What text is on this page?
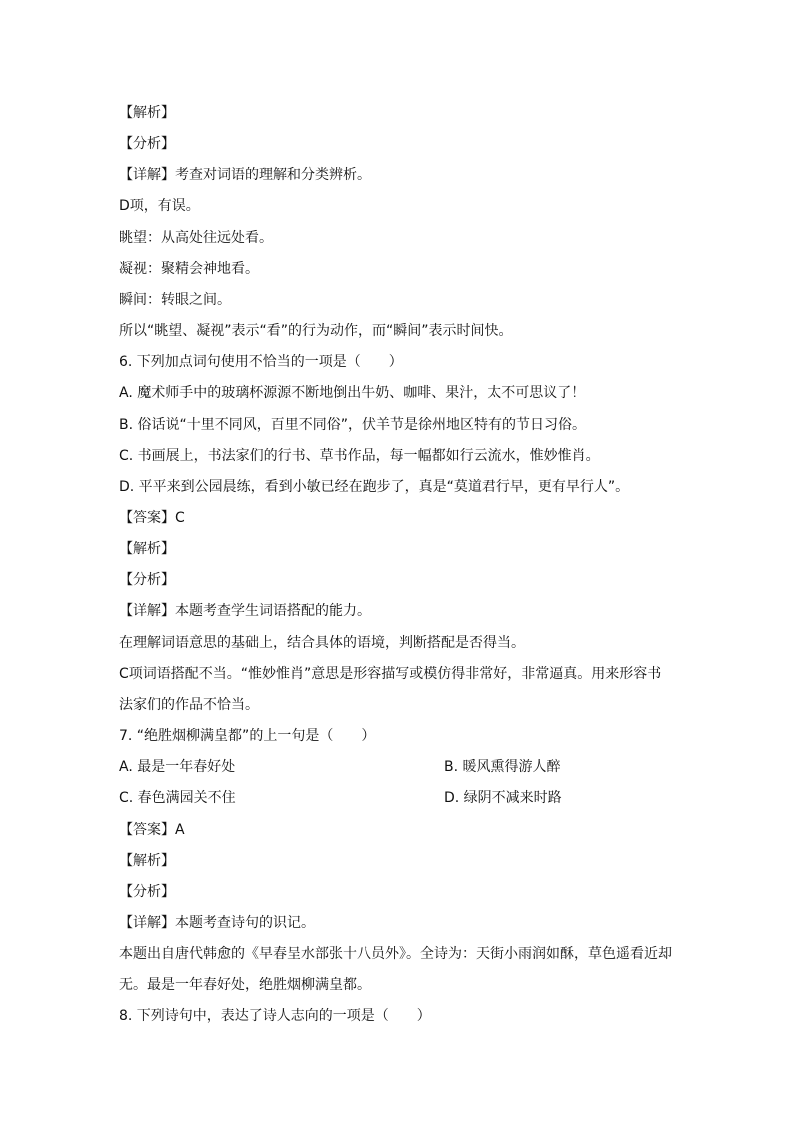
【解析】
【分析】
【详解】考查对词语的理解和分类辨析。
D项，有误。
眺望：从高处往远处看。
凝视：聚精会神地看。
瞬间：转眼之间。
所以“眺望、凝视”表示“看”的行为动作，而“瞬间”表示时间快。
6. 下列加点词句使用不恰当的一项是（　　）
A. 魔术师手中的玻璃杯源源不断地倒出牛奶、咖啡、果汁，太不可思议了！
B. 俗话说“十里不同风，百里不同俗”，伏羊节是徐州地区特有的节日习俗。
C. 书画展上，书法家们的行书、草书作品，每一幅都如行云流水，惟妙惟肖。
D. 平平来到公园晨练，看到小敏已经在跑步了，真是“莫道君行早，更有早行人”。
【答案】C
【解析】
【分析】
【详解】本题考查学生词语搭配的能力。
在理解词语意思的基础上，结合具体的语境，判断搭配是否得当。
C项词语搭配不当。“惟妙惟肖”意思是形容描写或模仿得非常好，非常逼真。用来形容书
法家们的作品不恰当。
7. “绝胜烟柳满皇都”的上一句是（　　）
A. 最是一年春好处	B. 暖风熏得游人醉
C. 春色满园关不住	D. 绿阴不减来时路
【答案】A
【解析】
【分析】
【详解】本题考查诗句的识记。
本题出自唐代韩愈的《早春呈水部张十八员外》。全诗为：天街小雨润如酥，草色遥看近却
无。最是一年春好处，绝胜烟柳满皇都。
8. 下列诗句中，表达了诗人志向的一项是（　　）
